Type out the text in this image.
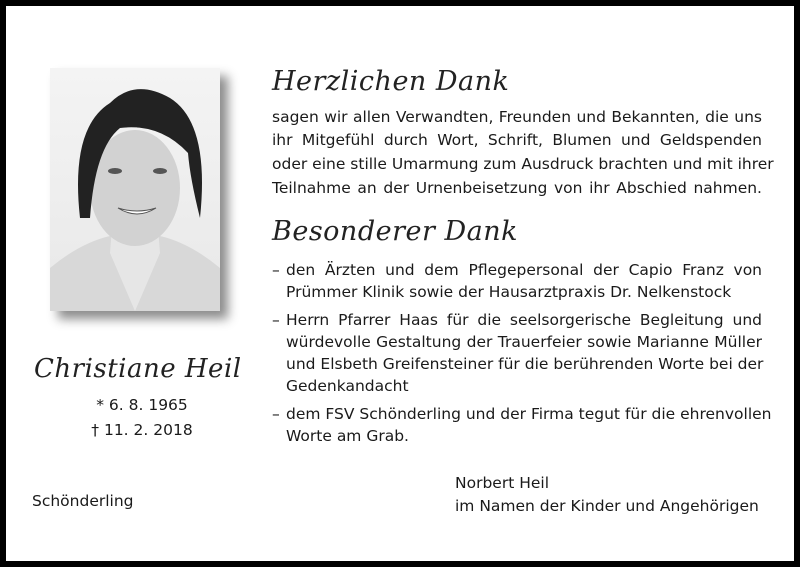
Christiane Heil
* 6. 8. 1965
† 11. 2. 2018
Schönderling
Herzlichen Dank
sagen wir allen Verwandten, Freunden und Bekannten, die uns
ihr Mitgefühl durch Wort, Schrift, Blumen und Geldspenden
oder eine stille Umarmung zum Ausdruck brachten und mit ihrer
Teilnahme an der Urnenbeisetzung von ihr Abschied nahmen.
Besonderer Dank
– den Ärzten und dem Pflegepersonal der Capio Franz von
Prümmer Klinik sowie der Hausarztpraxis Dr. Nelkenstock
– Herrn Pfarrer Haas für die seelsorgerische Begleitung und
würdevolle Gestaltung der Trauerfeier sowie Marianne Müller
und Elsbeth Greifensteiner für die berührenden Worte bei der
Gedenkandacht
– dem FSV Schönderling und der Firma tegut für die ehrenvollen
Worte am Grab.
Norbert Heil
im Namen der Kinder und Angehörigen
